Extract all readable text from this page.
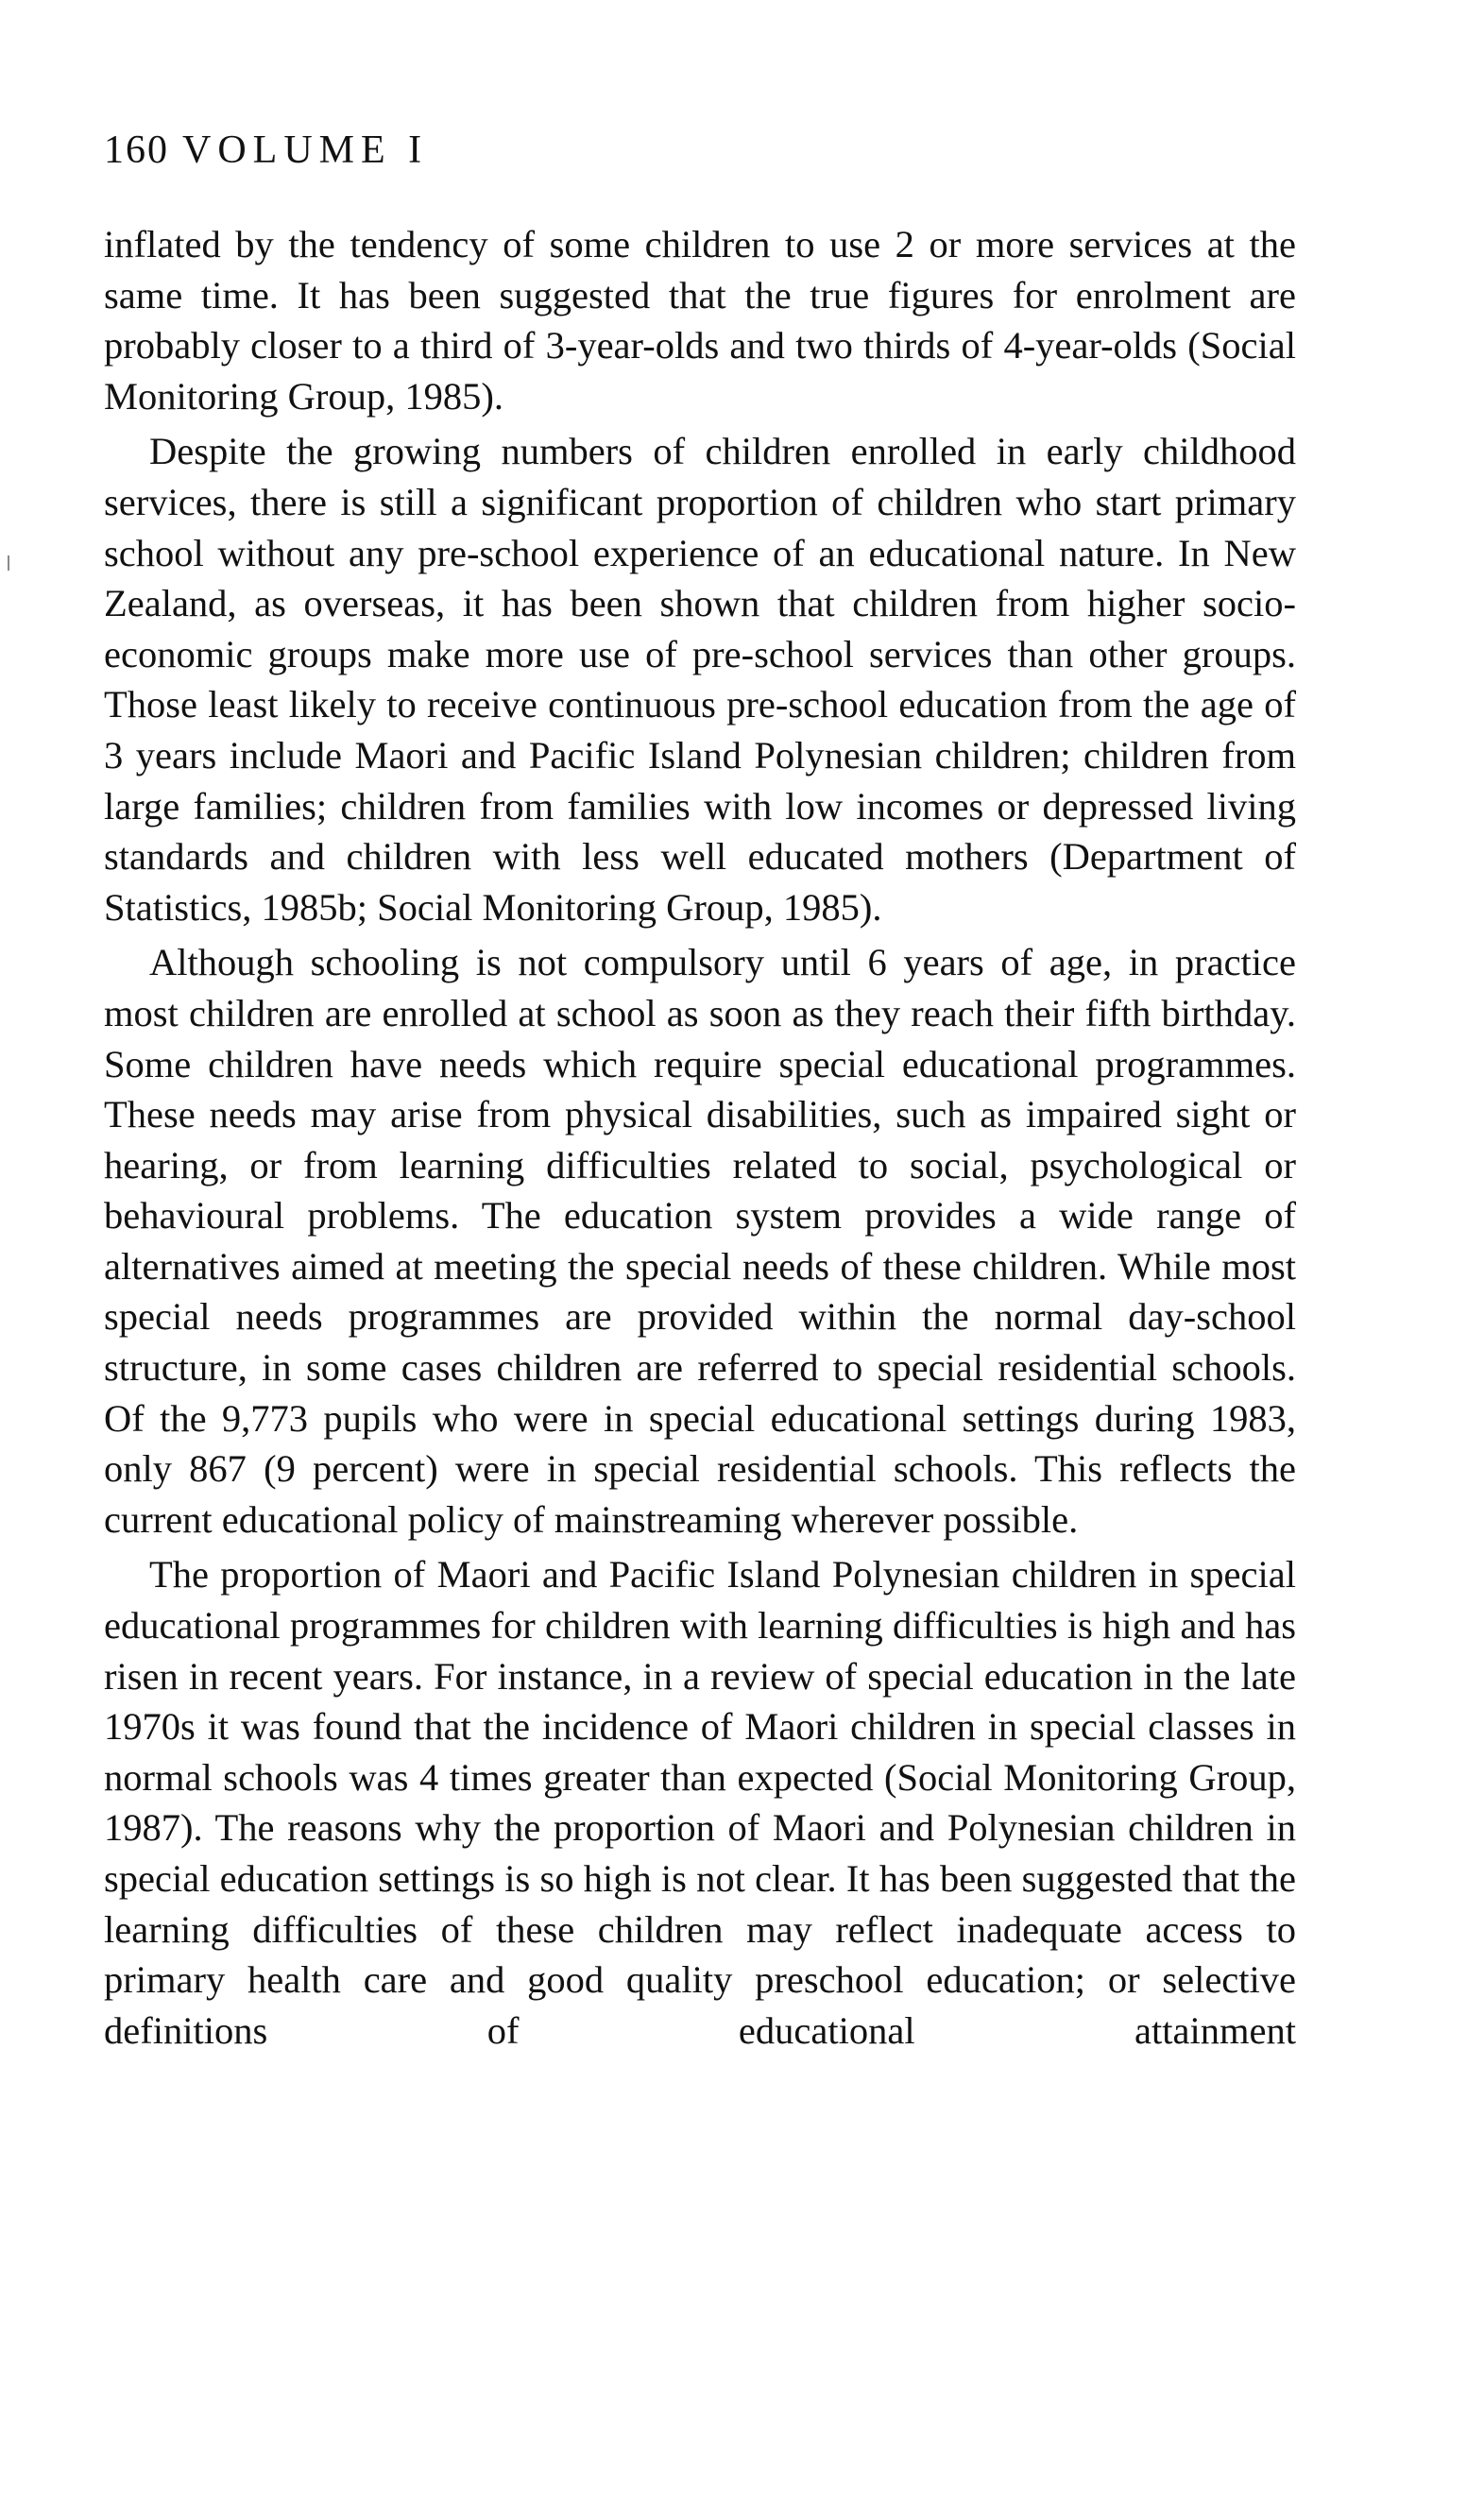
160 VOLUME I

inflated by the tendency of some children to use 2 or more services at the same time. It has been suggested that the true figures for enrolment are probably closer to a third of 3-year-olds and two thirds of 4-year-olds (Social Monitoring Group, 1985).

Despite the growing numbers of children enrolled in early childhood services, there is still a significant proportion of children who start primary school without any pre-school experience of an educational nature. In New Zealand, as overseas, it has been shown that children from higher socio-economic groups make more use of pre-school services than other groups. Those least likely to receive continuous pre-school education from the age of 3 years include Maori and Pacific Island Polynesian children; children from large families; children from families with low incomes or depressed living standards and children with less well educated mothers (Department of Statistics, 1985b; Social Monitoring Group, 1985).

Although schooling is not compulsory until 6 years of age, in practice most children are enrolled at school as soon as they reach their fifth birthday. Some children have needs which require special educational programmes. These needs may arise from physical disabilities, such as impaired sight or hearing, or from learning difficulties related to social, psychological or behavioural problems. The education system provides a wide range of alternatives aimed at meeting the special needs of these children. While most special needs programmes are provided within the normal day-school structure, in some cases children are referred to special residential schools. Of the 9,773 pupils who were in special educational settings during 1983, only 867 (9 percent) were in special residential schools. This reflects the current educational policy of mainstreaming wherever possible.

The proportion of Maori and Pacific Island Polynesian children in special educational programmes for children with learning difficulties is high and has risen in recent years. For instance, in a review of special education in the late 1970s it was found that the incidence of Maori children in special classes in normal schools was 4 times greater than expected (Social Monitoring Group, 1987). The reasons why the proportion of Maori and Polynesian children in special education settings is so high is not clear. It has been suggested that the learning difficulties of these children may reflect inadequate access to primary health care and good quality preschool education; or selective definitions of educational attainment
